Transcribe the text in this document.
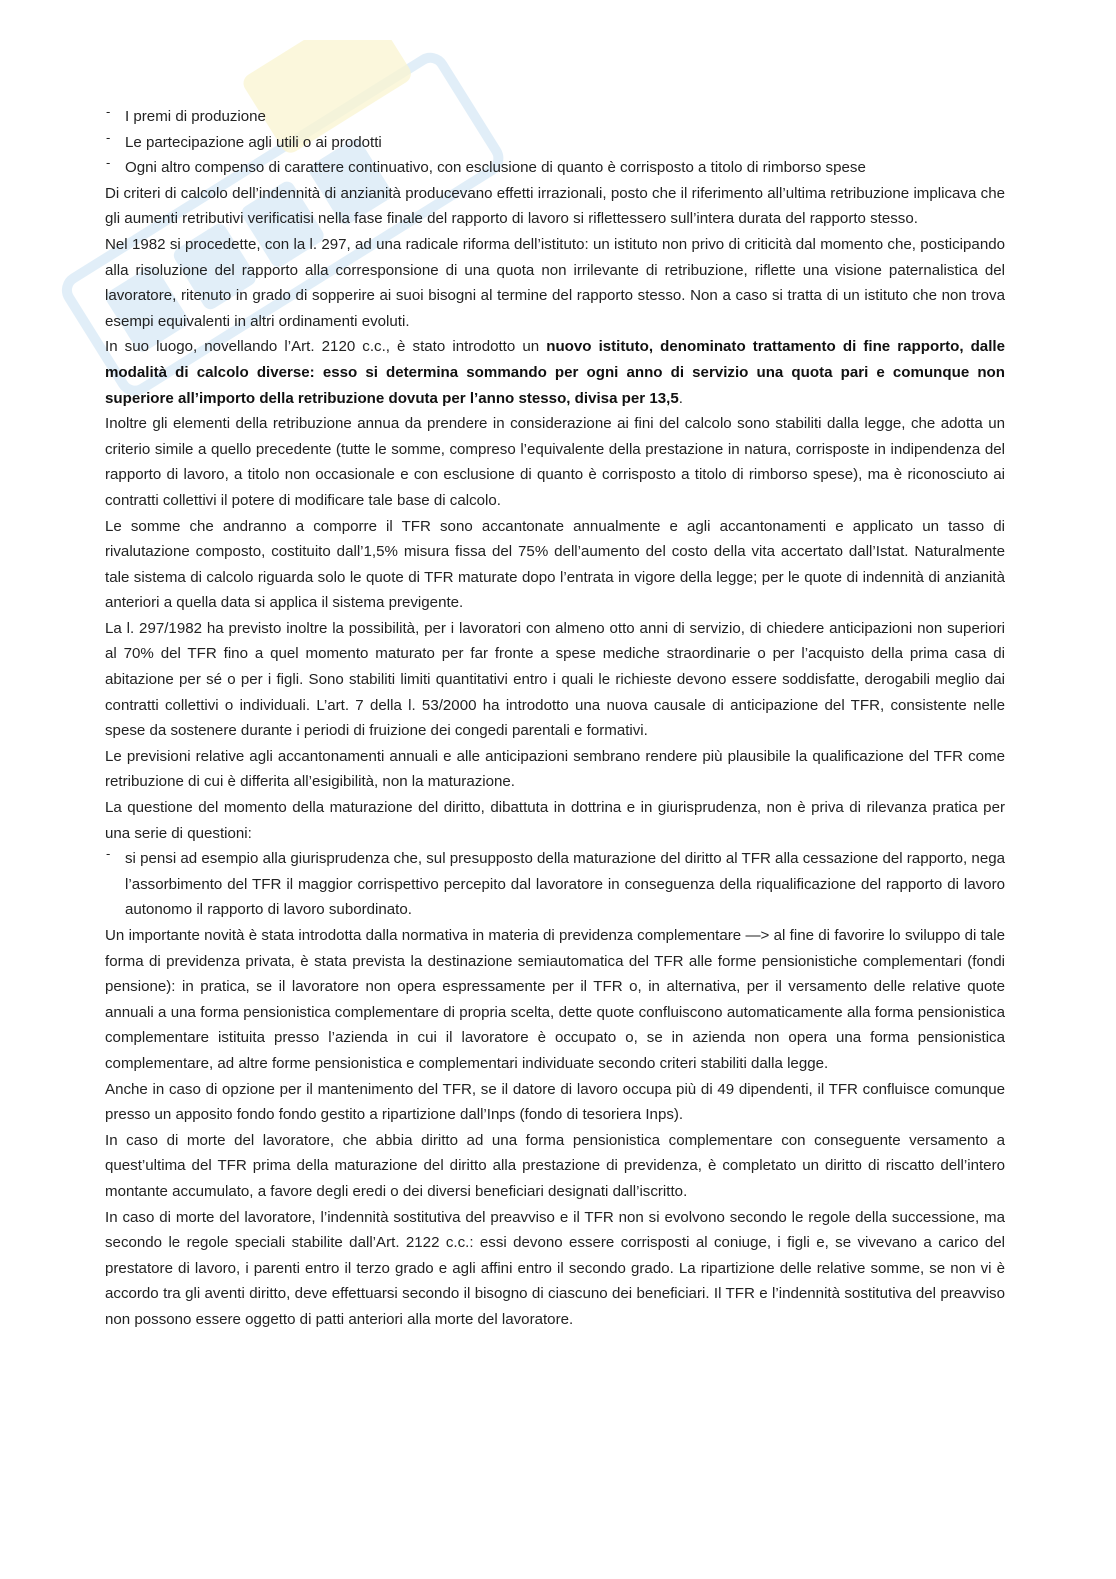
- I premi di produzione
- Le partecipazione agli utili o ai prodotti
- Ogni altro compenso di carattere continuativo, con esclusione di quanto è corrisposto a titolo di rimborso spese

Di criteri di calcolo dell’indennità di anzianità producevano effetti irrazionali, posto che il riferimento all’ultima retribuzione implicava che gli aumenti retributivi verificatisi nella fase finale del rapporto di lavoro si riflettessero sull’intera durata del rapporto stesso.

Nel 1982 si procedette, con la l. 297, ad una radicale riforma dell’istituto: un istituto non privo di criticità dal momento che, posticipando alla risoluzione del rapporto alla corresponsione di una quota non irrilevante di retribuzione, riflette una visione paternalistica del lavoratore, ritenuto in grado di sopperire ai suoi bisogni al termine del rapporto stesso. Non a caso si tratta di un istituto che non trova esempi equivalenti in altri ordinamenti evoluti.

In suo luogo, novellando l’Art. 2120 c.c., è stato introdotto un nuovo istituto, denominato trattamento di fine rapporto, dalle modalità di calcolo diverse: esso si determina sommando per ogni anno di servizio una quota pari e comunque non superiore all’importo della retribuzione dovuta per l’anno stesso, divisa per 13,5.

Inoltre gli elementi della retribuzione annua da prendere in considerazione ai fini del calcolo sono stabiliti dalla legge, che adotta un criterio simile a quello precedente (tutte le somme, compreso l’equivalente della prestazione in natura, corrisposte in indipendenza del rapporto di lavoro, a titolo non occasionale e con esclusione di quanto è corrisposto a titolo di rimborso spese), ma è riconosciuto ai contratti collettivi il potere di modificare tale base di calcolo.

Le somme che andranno a comporre il TFR sono accantonate annualmente e agli accantonamenti e applicato un tasso di rivalutazione composto, costituito dall’1,5% misura fissa del 75% dell’aumento del costo della vita accertato dall’Istat. Naturalmente tale sistema di calcolo riguarda solo le quote di TFR maturate dopo l’entrata in vigore della legge; per le quote di indennità di anzianità anteriori a quella data si applica il sistema previgente.

La l. 297/1982 ha previsto inoltre la possibilità, per i lavoratori con almeno otto anni di servizio, di chiedere anticipazioni non superiori al 70% del TFR fino a quel momento maturato per far fronte a spese mediche straordinarie o per l’acquisto della prima casa di abitazione per sé o per i figli. Sono stabiliti limiti quantitativi entro i quali le richieste devono essere soddisfatte, derogabili meglio dai contratti collettivi o individuali. L’art. 7 della l. 53/2000 ha introdotto una nuova causale di anticipazione del TFR, consistente nelle spese da sostenere durante i periodi di fruizione dei congedi parentali e formativi.

Le previsioni relative agli accantonamenti annuali e alle anticipazioni sembrano rendere più plausibile la qualificazione del TFR come retribuzione di cui è differita all’esigibilità, non la maturazione.

La questione del momento della maturazione del diritto, dibattuta in dottrina e in giurisprudenza, non è priva di rilevanza pratica per una serie di questioni:

- si pensi ad esempio alla giurisprudenza che, sul presupposto della maturazione del diritto al TFR alla cessazione del rapporto, nega l’assorbimento del TFR il maggior corrispettivo percepito dal lavoratore in conseguenza della riqualificazione del rapporto di lavoro autonomo il rapporto di lavoro subordinato.

Un importante novità è stata introdotta dalla normativa in materia di previdenza complementare —> al fine di favorire lo sviluppo di tale forma di previdenza privata, è stata prevista la destinazione semiautomatica del TFR alle forme pensionistiche complementari (fondi pensione): in pratica, se il lavoratore non opera espressamente per il TFR o, in alternativa, per il versamento delle relative quote annuali a una forma pensionistica complementare di propria scelta, dette quote confluiscono automaticamente alla forma pensionistica complementare istituita presso l’azienda in cui il lavoratore è occupato o, se in azienda non opera una forma pensionistica complementare, ad altre forme pensionistica e complementari individuate secondo criteri stabiliti dalla legge.

Anche in caso di opzione per il mantenimento del TFR, se il datore di lavoro occupa più di 49 dipendenti, il TFR confluisce comunque presso un apposito fondo fondo gestito a ripartizione dall’Inps (fondo di tesoriera Inps).

In caso di morte del lavoratore, che abbia diritto ad una forma pensionistica complementare con conseguente versamento a quest’ultima del TFR prima della maturazione del diritto alla prestazione di previdenza, è completato un diritto di riscatto dell’intero montante accumulato, a favore degli eredi o dei diversi beneficiari designati dall’iscritto.

In caso di morte del lavoratore, l’indennità sostitutiva del preavviso e il TFR non si evolvono secondo le regole della successione, ma secondo le regole speciali stabilite dall’Art. 2122 c.c.: essi devono essere corrisposti al coniuge, i figli e, se vivevano a carico del prestatore di lavoro, i parenti entro il terzo grado e agli affini entro il secondo grado. La ripartizione delle relative somme, se non vi è accordo tra gli aventi diritto, deve effettuarsi secondo il bisogno di ciascuno dei beneficiari. Il TFR e l’indennità sostitutiva del preavviso non possono essere oggetto di patti anteriori alla morte del lavoratore.
